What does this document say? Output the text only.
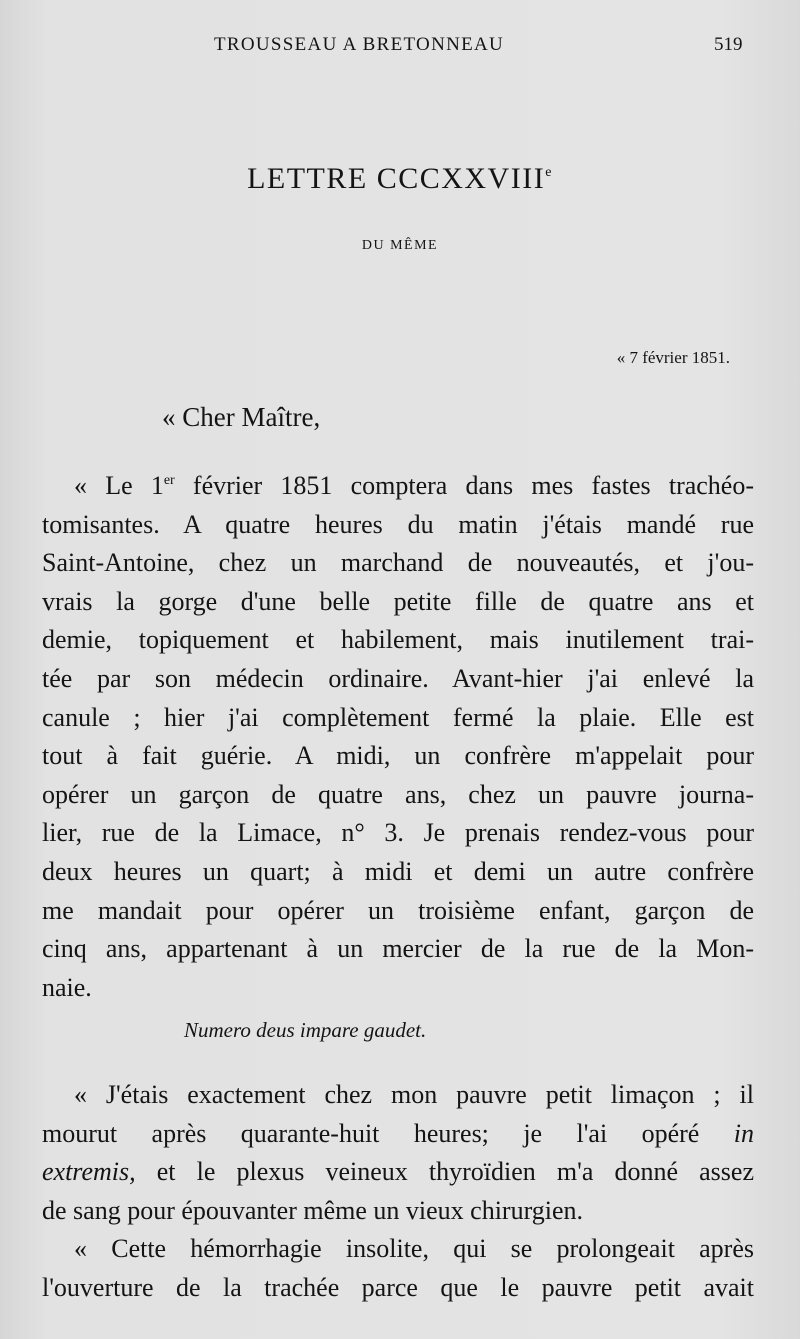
TROUSSEAU A BRETONNEAU	519
LETTRE CCCXXVIIIe
DU MÊME
« 7 février 1851.
« Cher Maître,
« Le 1er février 1851 comptera dans mes fastes trachéo-
tomisantes. A quatre heures du matin j'étais mandé rue
Saint-Antoine, chez un marchand de nouveautés, et j'ou-
vrais la gorge d'une belle petite fille de quatre ans et
demie, topiquement et habilement, mais inutilement trai-
tée par son médecin ordinaire. Avant-hier j'ai enlevé la
canule ; hier j'ai complètement fermé la plaie. Elle est
tout à fait guérie. A midi, un confrère m'appelait pour
opérer un garçon de quatre ans, chez un pauvre journa-
lier, rue de la Limace, n° 3. Je prenais rendez-vous pour
deux heures un quart; à midi et demi un autre confrère
me mandait pour opérer un troisième enfant, garçon de
cinq ans, appartenant à un mercier de la rue de la Mon-
naie.
Numero deus impare gaudet.
« J'étais exactement chez mon pauvre petit limaçon ; il
mourut après quarante-huit heures; je l'ai opéré in
extremis, et le plexus veineux thyroïdien m'a donné assez
de sang pour épouvanter même un vieux chirurgien.
« Cette hémorrhagie insolite, qui se prolongeait après
l'ouverture de la trachée parce que le pauvre petit avait
